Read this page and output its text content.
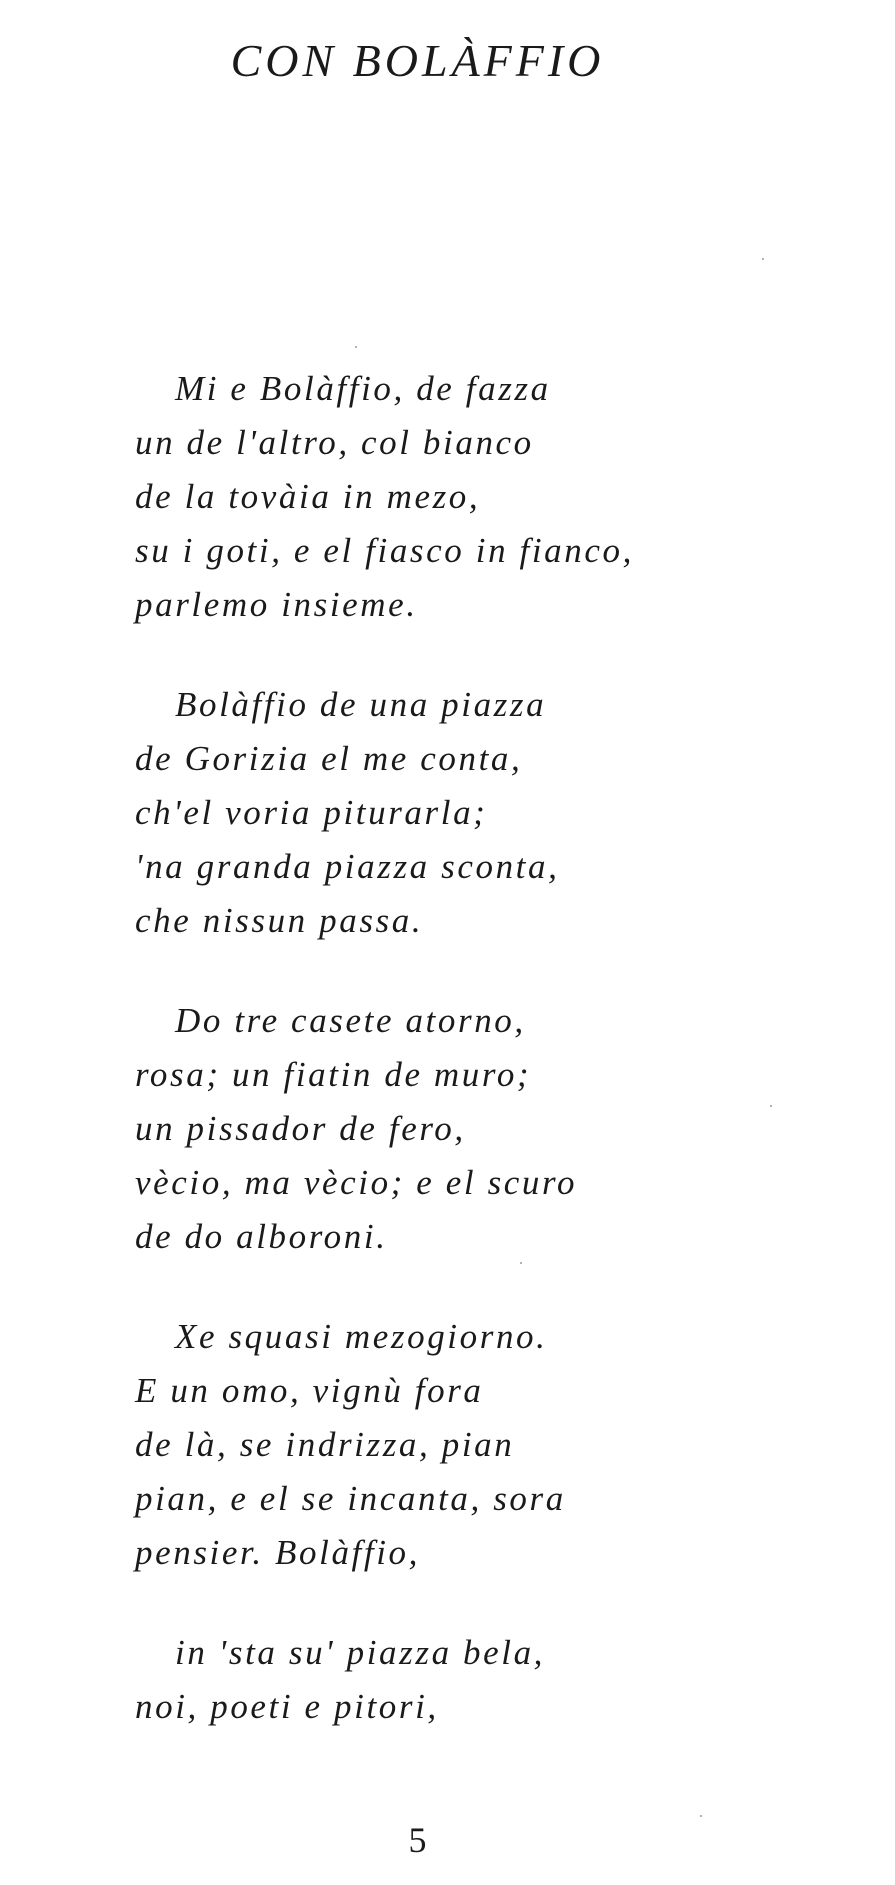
CON BOLÀFFIO

Mi e Bolàffio, de fazza

un de l'altro, col bianco

de la tovàia in mezo,

su i goti, e el fiasco in fianco,

parlemo insieme.

Bolàffio de una piazza

de Gorizia el me conta,

ch'el voria piturarla;

'na granda piazza sconta,

che nissun passa.

Do tre casete atorno,

rosa; un fiatin de muro;

un pissador de fero,

vècio, ma vècio; e el scuro

de do alboroni.

Xe squasi mezogiorno.

E un omo, vignù fora

de là, se indrizza, pian

pian, e el se incanta, sora

pensier. Bolàffio,

in 'sta su' piazza bela,

noi, poeti e pitori,

5
